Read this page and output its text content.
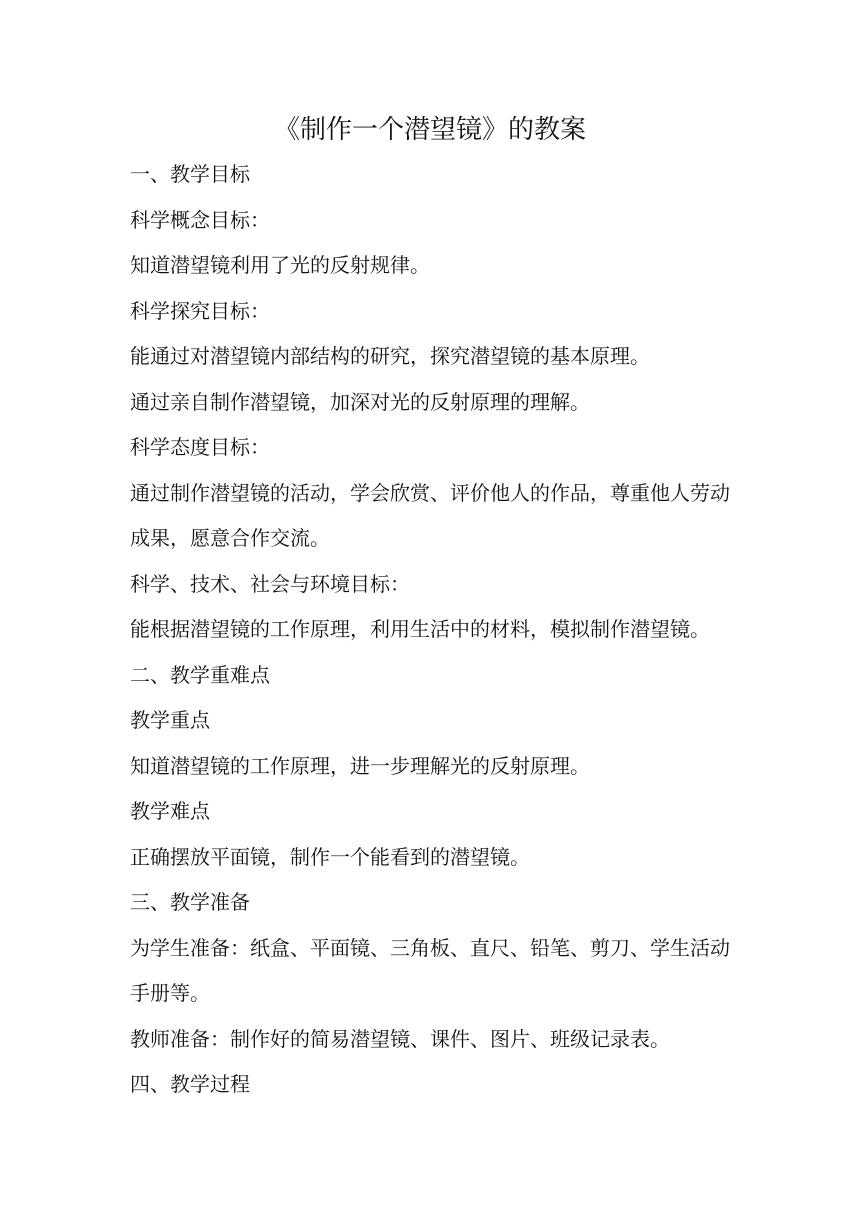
《制作一个潜望镜》的教案
一、教学目标
科学概念目标：
知道潜望镜利用了光的反射规律。
科学探究目标：
能通过对潜望镜内部结构的研究，探究潜望镜的基本原理。
通过亲自制作潜望镜，加深对光的反射原理的理解。
科学态度目标：
通过制作潜望镜的活动，学会欣赏、评价他人的作品，尊重他人劳动
成果，愿意合作交流。
科学、技术、社会与环境目标：
能根据潜望镜的工作原理，利用生活中的材料，模拟制作潜望镜。
二、教学重难点
教学重点
知道潜望镜的工作原理，进一步理解光的反射原理。
教学难点
正确摆放平面镜，制作一个能看到的潜望镜。
三、教学准备
为学生准备：纸盒、平面镜、三角板、直尺、铅笔、剪刀、学生活动
手册等。
教师准备：制作好的简易潜望镜、课件、图片、班级记录表。
四、教学过程
